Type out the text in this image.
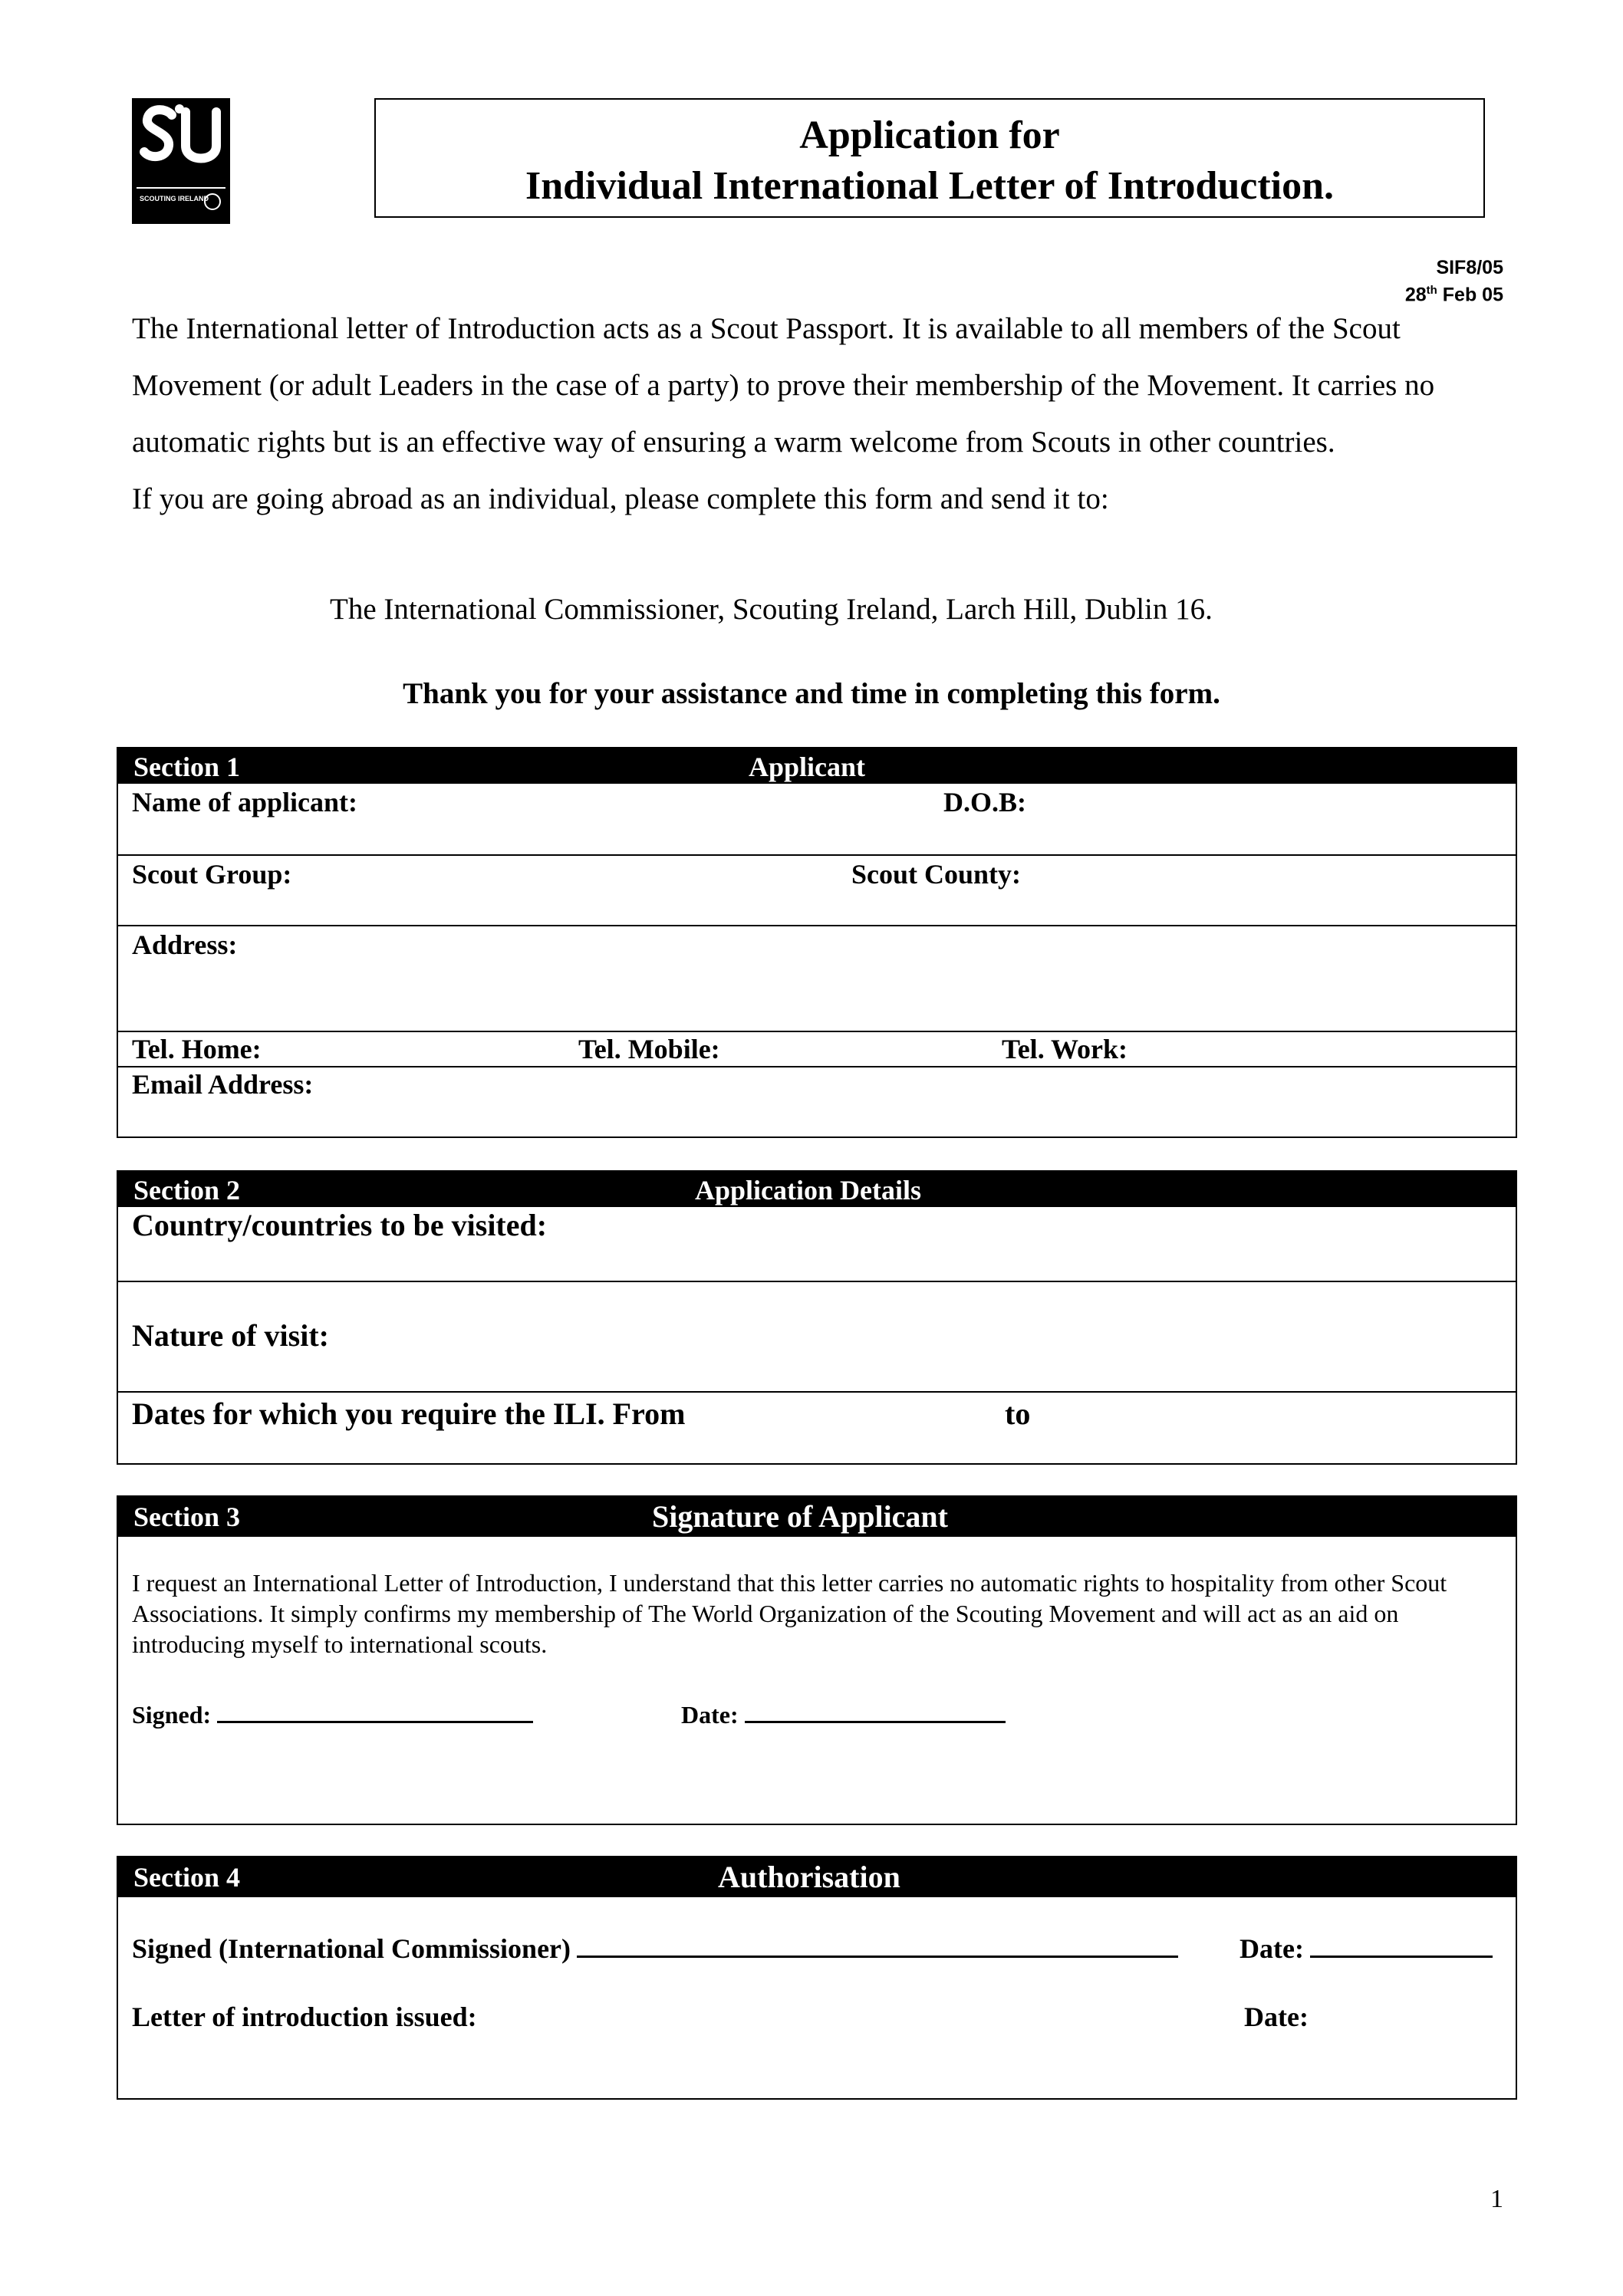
SCOUTING IRELAND
Application for
Individual International Letter of Introduction.
SIF8/05
28th Feb 05

The International letter of Introduction acts as a Scout Passport. It is available to all members of the Scout Movement (or adult Leaders in the case of a party) to prove their membership of the Movement. It carries no automatic rights but is an effective way of ensuring a warm welcome from Scouts in other countries.

If you are going abroad as an individual, please complete this form and send it to:

The International Commissioner, Scouting Ireland, Larch Hill, Dublin 16.
Thank you for your assistance and time in completing this form.
Section 1	Applicant
Name of applicant:	D.O.B:
Scout Group:	Scout County:
Address:
Tel. Home:	Tel. Mobile:	Tel. Work:
Email Address:
Section 2	Application Details
Country/countries to be visited:
Nature of visit:
Dates for which you require the ILI. From	to
Section 3	Signature of Applicant
I request an International Letter of Introduction, I understand that this letter carries no automatic rights to hospitality from other Scout Associations. It simply confirms my membership of The World Organization of the Scouting Movement and will act as an aid on introducing myself to international scouts.
Signed:	Date:
Section 4	Authorisation
Signed (International Commissioner)	Date:
Letter of introduction issued:	Date:
1
